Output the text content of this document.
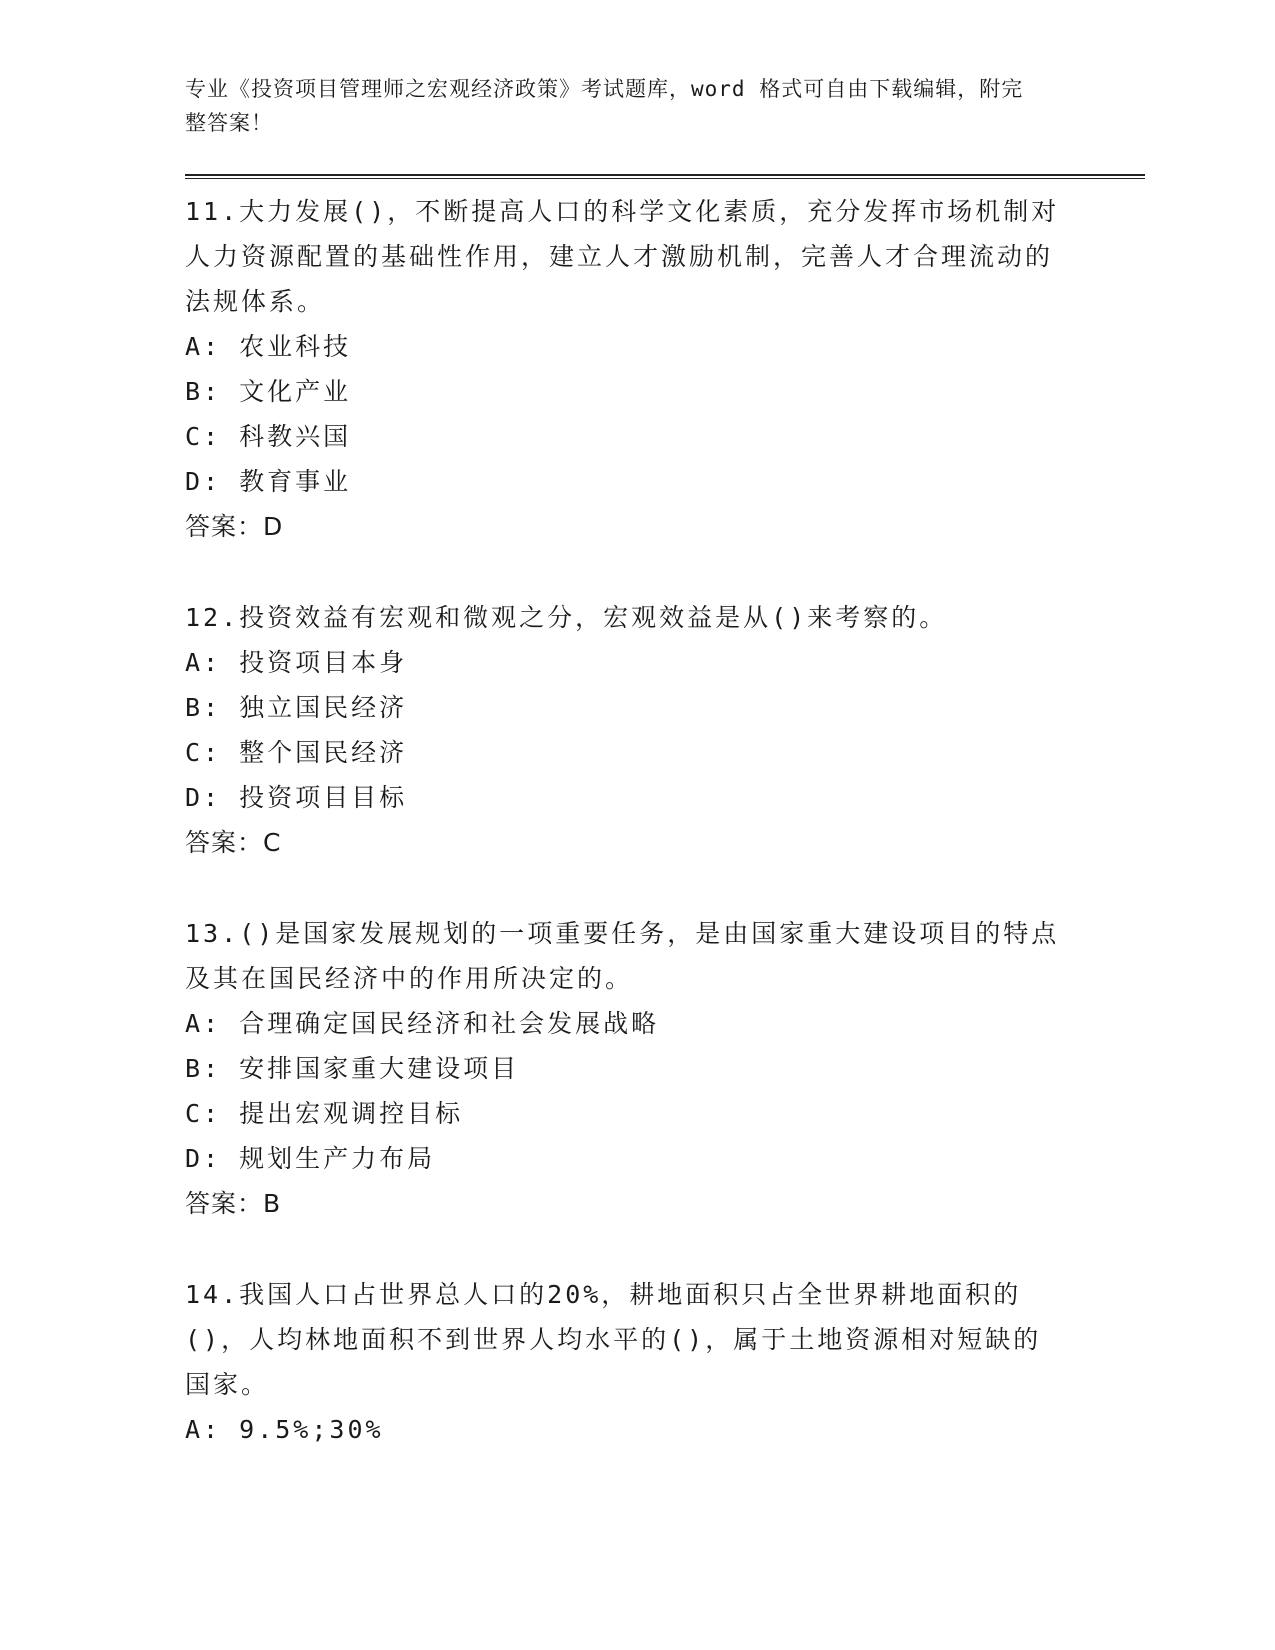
专业《投资项目管理师之宏观经济政策》考试题库，word 格式可自由下载编辑，附完整答案！
11.大力发展()，不断提高人口的科学文化素质，充分发挥市场机制对人力资源配置的基础性作用，建立人才激励机制，完善人才合理流动的法规体系。
A: 农业科技
B: 文化产业
C: 科教兴国
D: 教育事业
答案：D
12.投资效益有宏观和微观之分，宏观效益是从()来考察的。
A: 投资项目本身
B: 独立国民经济
C: 整个国民经济
D: 投资项目目标
答案：C
13.()是国家发展规划的一项重要任务，是由国家重大建设项目的特点及其在国民经济中的作用所决定的。
A: 合理确定国民经济和社会发展战略
B: 安排国家重大建设项目
C: 提出宏观调控目标
D: 规划生产力布局
答案：B
14.我国人口占世界总人口的20%，耕地面积只占全世界耕地面积的()，人均林地面积不到世界人均水平的()，属于土地资源相对短缺的国家。
A: 9.5%;30%
